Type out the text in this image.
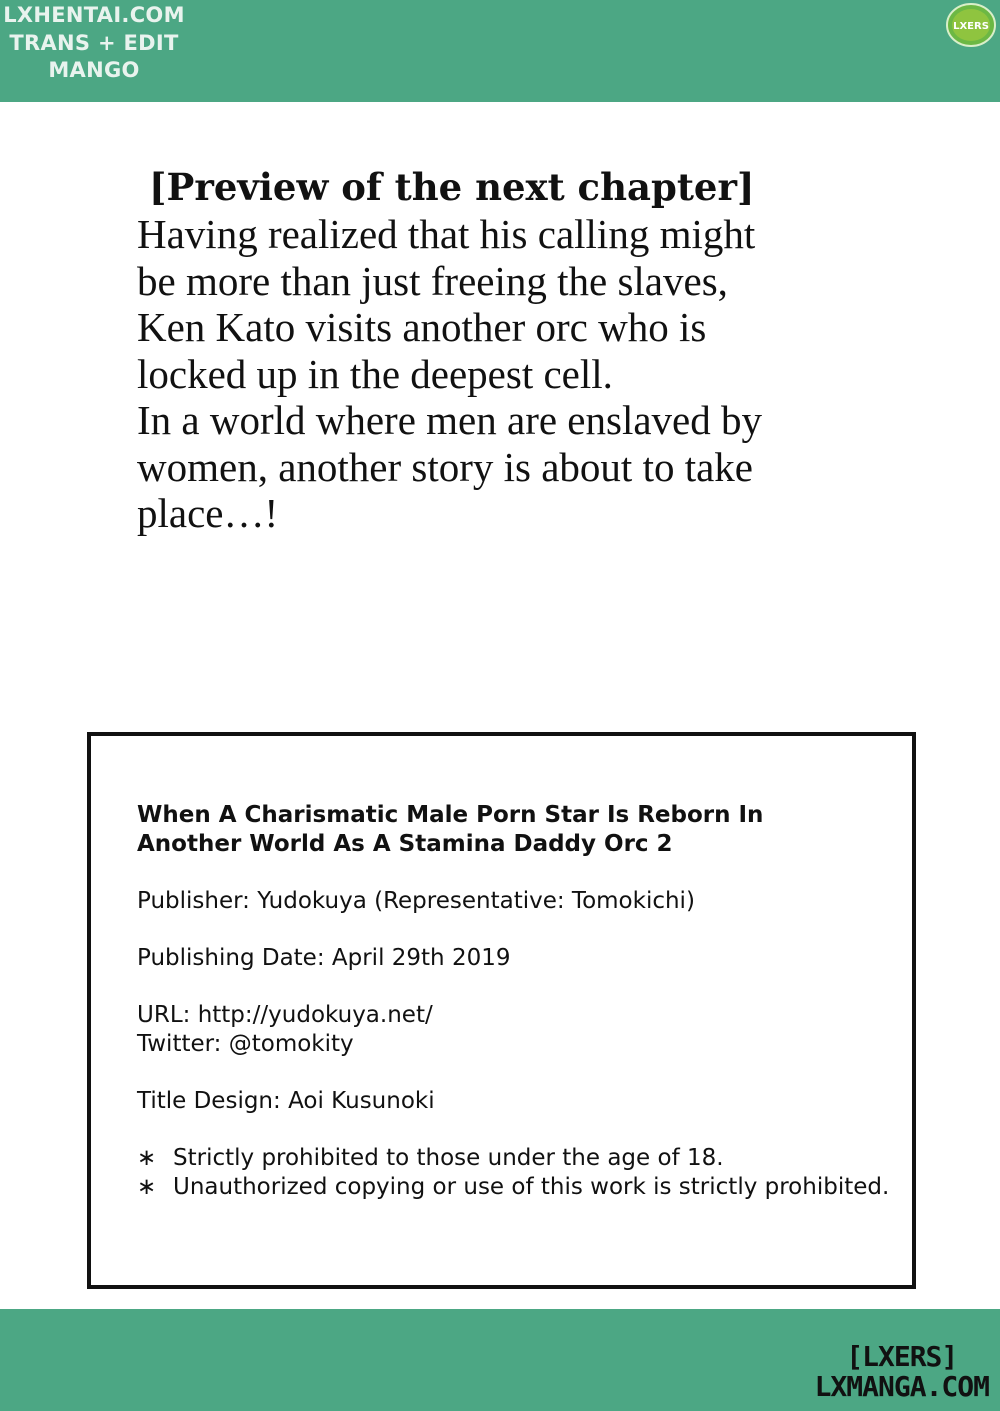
LXHENTAI.COM
TRANS + EDIT
MANGO
LXERS
[Preview of the next chapter]
Having realized that his calling might
be more than just freeing the slaves,
Ken Kato visits another orc who is
locked up in the deepest cell.
In a world where men are enslaved by
women, another story is about to take
place…!
When A Charismatic Male Porn Star Is Reborn In
Another World As A Stamina Daddy Orc 2
Publisher: Yudokuya (Representative: Tomokichi)
Publishing Date: April 29th 2019
URL: http://yudokuya.net/
Twitter: @tomokity
Title Design: Aoi Kusunoki
∗ Strictly prohibited to those under the age of 18.
∗ Unauthorized copying or use of this work is strictly prohibited.
[LXERS]
LXMANGA.COM
